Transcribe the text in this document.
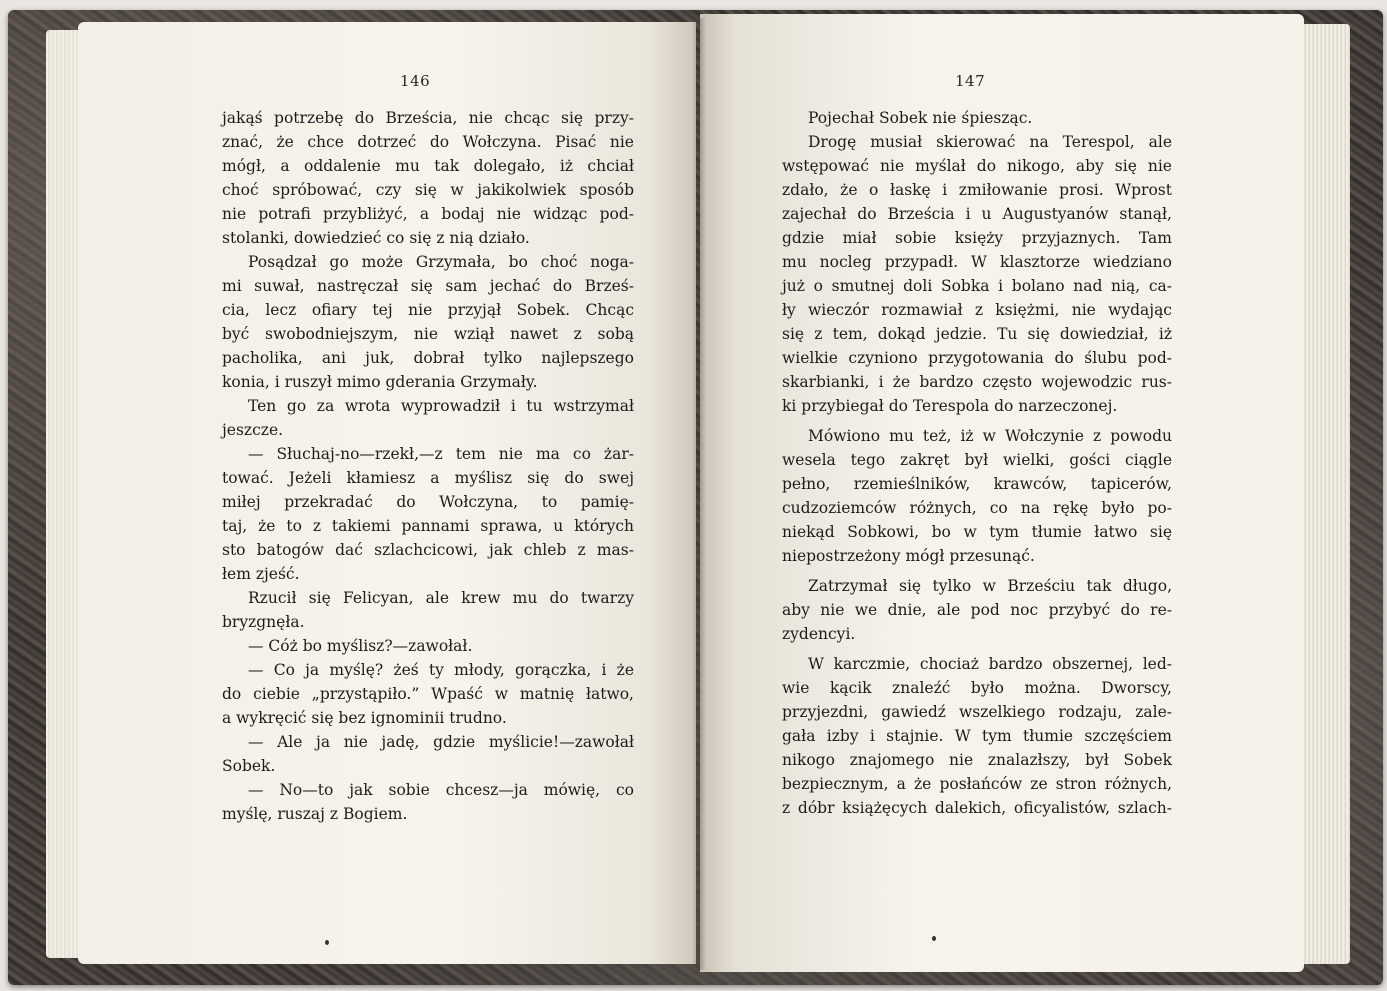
146
jakąś potrzebę do Brześcia, nie chcąc się przy-
znać, że chce dotrzeć do Wołczyna. Pisać nie
mógł, a oddalenie mu tak dolegało, iż chciał
choć spróbować, czy się w jakikolwiek sposób
nie potrafi przybliżyć, a bodaj nie widząc pod-
stolanki, dowiedzieć co się z nią działo.
Posądzał go może Grzymała, bo choć noga-
mi suwał, nastręczał się sam jechać do Brześ-
cia, lecz ofiary tej nie przyjął Sobek. Chcąc
być swobodniejszym, nie wziął nawet z sobą
pacholika, ani juk, dobrał tylko najlepszego
konia, i ruszył mimo gderania Grzymały.
Ten go za wrota wyprowadził i tu wstrzymał
jeszcze.
— Słuchaj-no—rzekł,—z tem nie ma co żar-
tować. Jeżeli kłamiesz a myślisz się do swej
miłej przekradać do Wołczyna, to pamię-
taj, że to z takiemi pannami sprawa, u których
sto batogów dać szlachcicowi, jak chleb z mas-
łem zjeść.
Rzucił się Felicyan, ale krew mu do twarzy
bryzgnęła.
— Cóż bo myślisz?—zawołał.
— Co ja myślę? żeś ty młody, gorączka, i że
do ciebie „przystąpiło.” Wpaść w matnię łatwo,
a wykręcić się bez ignominii trudno.
— Ale ja nie jadę, gdzie myślicie!—zawołał
Sobek.
— No—to jak sobie chcesz—ja mówię, co
myślę, ruszaj z Bogiem.
147
Pojechał Sobek nie śpiesząc.
Drogę musiał skierować na Terespol, ale
wstępować nie myślał do nikogo, aby się nie
zdało, że o łaskę i zmiłowanie prosi. Wprost
zajechał do Brześcia i u Augustyanów stanął,
gdzie miał sobie księży przyjaznych. Tam
mu nocleg przypadł. W klasztorze wiedziano
już o smutnej doli Sobka i bolano nad nią, ca-
ły wieczór rozmawiał z księżmi, nie wydając
się z tem, dokąd jedzie. Tu się dowiedział, iż
wielkie czyniono przygotowania do ślubu pod-
skarbianki, i że bardzo często wojewodzic rus-
ki przybiegał do Terespola do narzeczonej.
Mówiono mu też, iż w Wołczynie z powodu
wesela tego zakręt był wielki, gości ciągle
pełno, rzemieślników, krawców, tapicerów,
cudzoziemców różnych, co na rękę było po-
niekąd Sobkowi, bo w tym tłumie łatwo się
niepostrzeżony mógł przesunąć.
Zatrzymał się tylko w Brześciu tak długo,
aby nie we dnie, ale pod noc przybyć do re-
zydencyi.
W karczmie, chociaż bardzo obszernej, led-
wie kącik znaleźć było można. Dworscy,
przyjezdni, gawiedź wszelkiego rodzaju, zale-
gała izby i stajnie. W tym tłumie szczęściem
nikogo znajomego nie znalazłszy, był Sobek
bezpiecznym, a że posłańców ze stron różnych,
z dóbr książęcych dalekich, oficyalistów, szlach-
